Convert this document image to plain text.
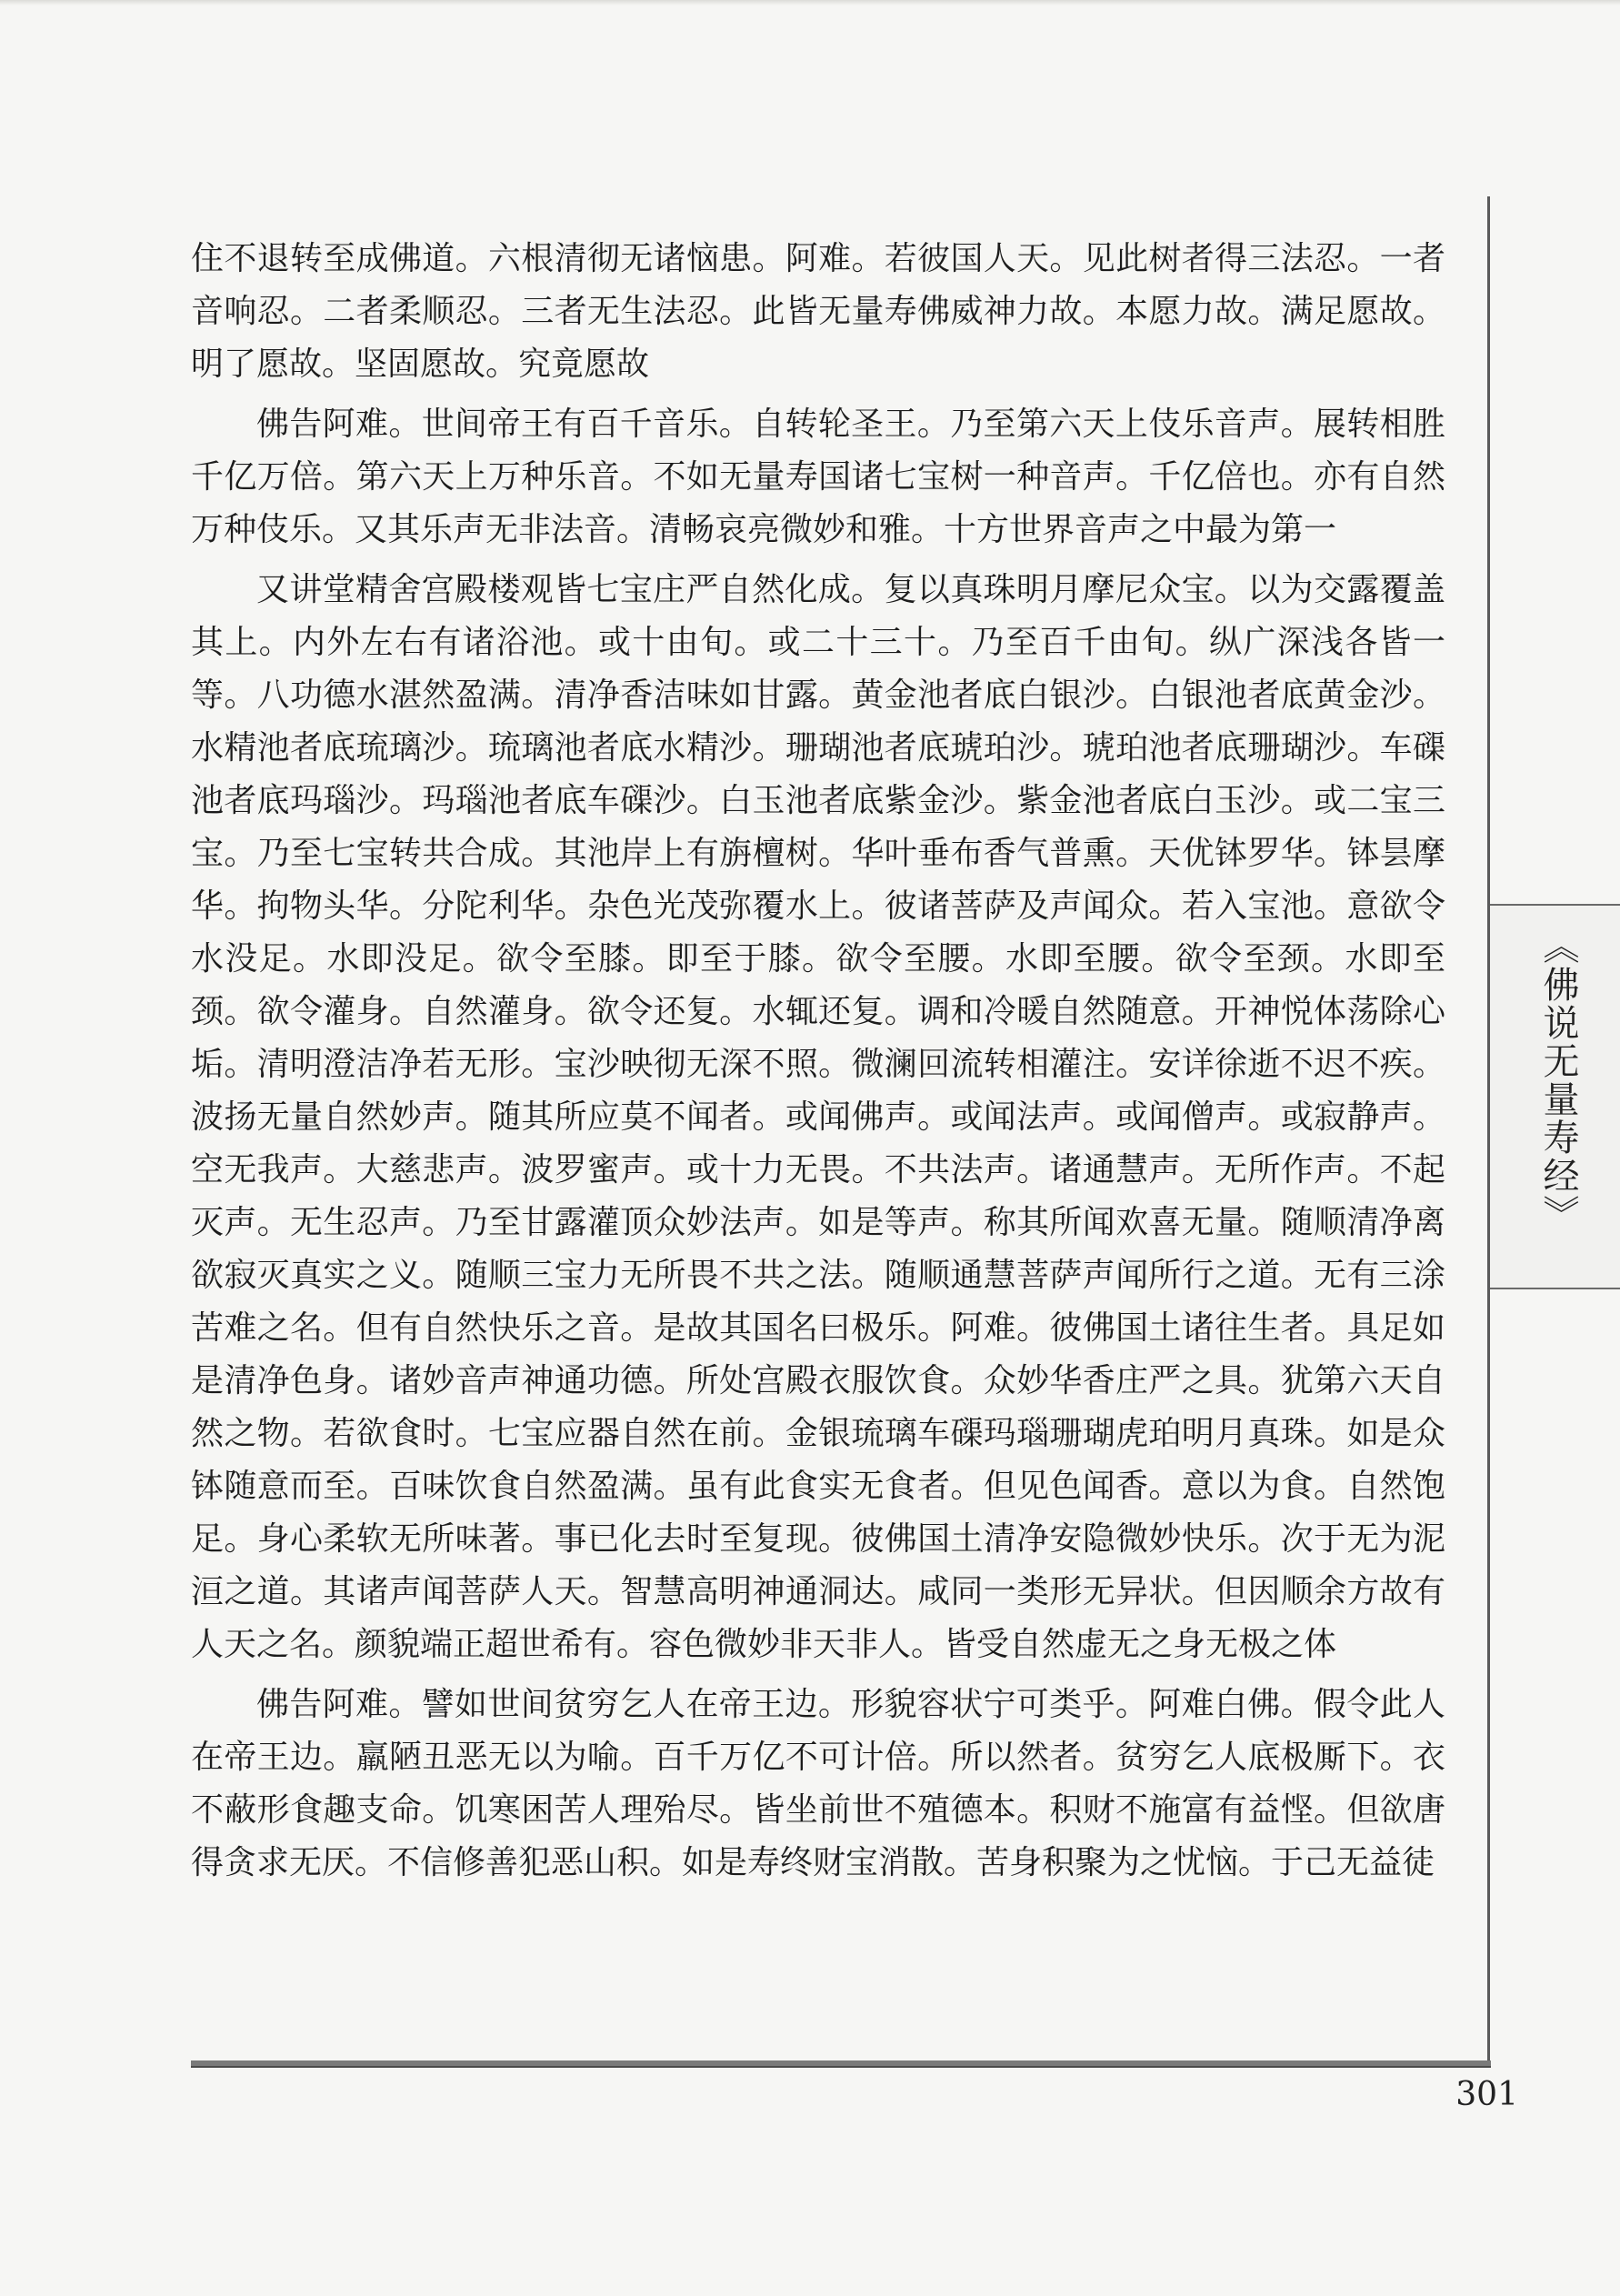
住不退转至成佛道。六根清彻无诸恼患。阿难。若彼国人天。见此树者得三法忍。一者音响忍。二者柔顺忍。三者无生法忍。此皆无量寿佛威神力故。本愿力故。满足愿故。明了愿故。坚固愿故。究竟愿故

佛告阿难。世间帝王有百千音乐。自转轮圣王。乃至第六天上伎乐音声。展转相胜千亿万倍。第六天上万种乐音。不如无量寿国诸七宝树一种音声。千亿倍也。亦有自然万种伎乐。又其乐声无非法音。清畅哀亮微妙和雅。十方世界音声之中最为第一

又讲堂精舍宫殿楼观皆七宝庄严自然化成。复以真珠明月摩尼众宝。以为交露覆盖其上。内外左右有诸浴池。或十由旬。或二十三十。乃至百千由旬。纵广深浅各皆一等。八功德水湛然盈满。清净香洁味如甘露。黄金池者底白银沙。白银池者底黄金沙。水精池者底琉璃沙。琉璃池者底水精沙。珊瑚池者底琥珀沙。琥珀池者底珊瑚沙。车磲池者底玛瑙沙。玛瑙池者底车磲沙。白玉池者底紫金沙。紫金池者底白玉沙。或二宝三宝。乃至七宝转共合成。其池岸上有旃檀树。华叶垂布香气普熏。天优钵罗华。钵昙摩华。拘物头华。分陀利华。杂色光茂弥覆水上。彼诸菩萨及声闻众。若入宝池。意欲令水没足。水即没足。欲令至膝。即至于膝。欲令至腰。水即至腰。欲令至颈。水即至颈。欲令灌身。自然灌身。欲令还复。水辄还复。调和冷暖自然随意。开神悦体荡除心垢。清明澄洁净若无形。宝沙映彻无深不照。微澜回流转相灌注。安详徐逝不迟不疾。波扬无量自然妙声。随其所应莫不闻者。或闻佛声。或闻法声。或闻僧声。或寂静声。空无我声。大慈悲声。波罗蜜声。或十力无畏。不共法声。诸通慧声。无所作声。不起灭声。无生忍声。乃至甘露灌顶众妙法声。如是等声。称其所闻欢喜无量。随顺清净离欲寂灭真实之义。随顺三宝力无所畏不共之法。随顺通慧菩萨声闻所行之道。无有三涂苦难之名。但有自然快乐之音。是故其国名曰极乐。阿难。彼佛国土诸往生者。具足如是清净色身。诸妙音声神通功德。所处宫殿衣服饮食。众妙华香庄严之具。犹第六天自然之物。若欲食时。七宝应器自然在前。金银琉璃车磲玛瑙珊瑚虎珀明月真珠。如是众钵随意而至。百味饮食自然盈满。虽有此食实无食者。但见色闻香。意以为食。自然饱足。身心柔软无所味著。事已化去时至复现。彼佛国土清净安隐微妙快乐。次于无为泥洹之道。其诸声闻菩萨人天。智慧高明神通洞达。咸同一类形无异状。但因顺余方故有人天之名。颜貌端正超世希有。容色微妙非天非人。皆受自然虚无之身无极之体

佛告阿难。譬如世间贫穷乞人在帝王边。形貌容状宁可类乎。阿难白佛。假令此人在帝王边。羸陋丑恶无以为喻。百千万亿不可计倍。所以然者。贫穷乞人底极厮下。衣不蔽形食趣支命。饥寒困苦人理殆尽。皆坐前世不殖德本。积财不施富有益悭。但欲唐得贪求无厌。不信修善犯恶山积。如是寿终财宝消散。苦身积聚为之忧恼。于己无益徒

《佛说无量寿经》
301
